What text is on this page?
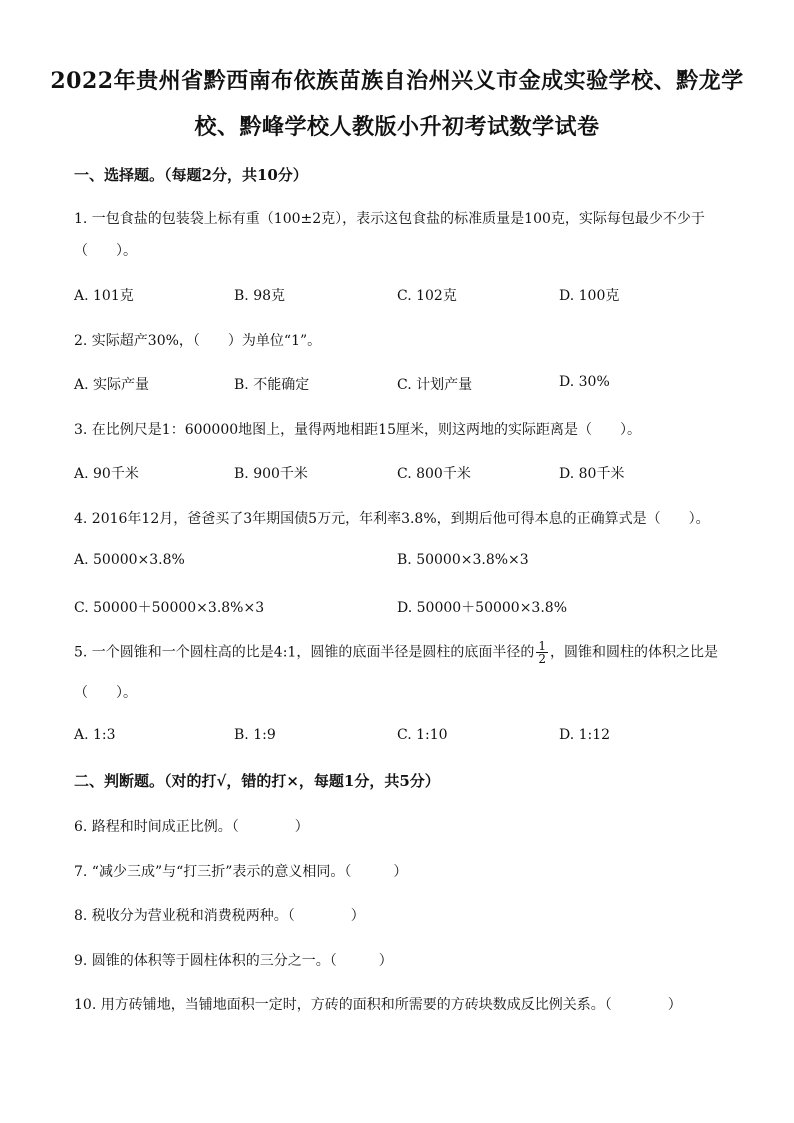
2022年贵州省黔西南布依族苗族自治州兴义市金成实验学校、黔龙学
校、黔峰学校人教版小升初考试数学试卷
一、选择题。（每题2分，共10分）
1. 一包食盐的包装袋上标有重（100±2克），表示这包食盐的标准质量是100克，实际每包最少不少于
（　　）。
A. 101克	B. 98克	C. 102克	D. 100克
2. 实际超产30%，（　　）为单位“1”。
A. 实际产量	B. 不能确定	C. 计划产量	D. 30%
3. 在比例尺是1：600000地图上，量得两地相距15厘米，则这两地的实际距离是（　　）。
A. 90千米	B. 900千米	C. 800千米	D. 80千米
4. 2016年12月，爸爸买了3年期国债5万元，年利率3.8%，到期后他可得本息的正确算式是（　　）。
A. 50000×3.8%	B. 50000×3.8%×3
C. 50000＋50000×3.8%×3	D. 50000＋50000×3.8%
5. 一个圆锥和一个圆柱高的比是4:1，圆锥的底面半径是圆柱的底面半径的 $\frac{1}{2}$ ，圆锥和圆柱的体积之比是
（　　）。
A. 1:3	B. 1:9	C. 1:10	D. 1:12
二、判断题。（对的打√，错的打×，每题1分，共5分）
6. 路程和时间成正比例。（　　　　）
7. “减少三成”与“打三折”表示的意义相同。（　　　）
8. 税收分为营业税和消费税两种。（　　　　）
9. 圆锥的体积等于圆柱体积的三分之一。（　　　）
10. 用方砖铺地，当铺地面积一定时，方砖的面积和所需要的方砖块数成反比例关系。（　　　　）
